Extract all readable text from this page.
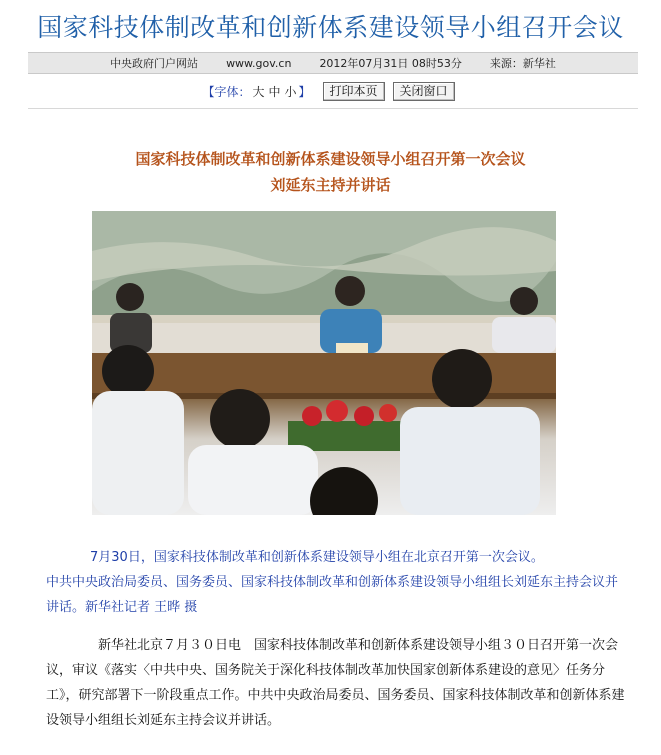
国家科技体制改革和创新体系建设领导小组召开会议
中央政府门户网站	www.gov.cn	2012年07月31日 08时53分	来源：新华社
【字体： 大 中 小 】	打印本页	关闭窗口
国家科技体制改革和创新体系建设领导小组召开第一次会议
刘延东主持并讲话

7月30日，国家科技体制改革和创新体系建设领导小组在北京召开第一次会议。

中共中央政治局委员、国务委员、国家科技体制改革和创新体系建设领导小组组长刘延东主持会议并讲话。新华社记者 王晔 摄

新华社北京７月３０日电　国家科技体制改革和创新体系建设领导小组３０日召开第一次会议，审议《落实〈中共中央、国务院关于深化科技体制改革加快国家创新体系建设的意见〉任务分工》，研究部署下一阶段重点工作。中共中央政治局委员、国务委员、国家科技体制改革和创新体系建设领导小组组长刘延东主持会议并讲话。
